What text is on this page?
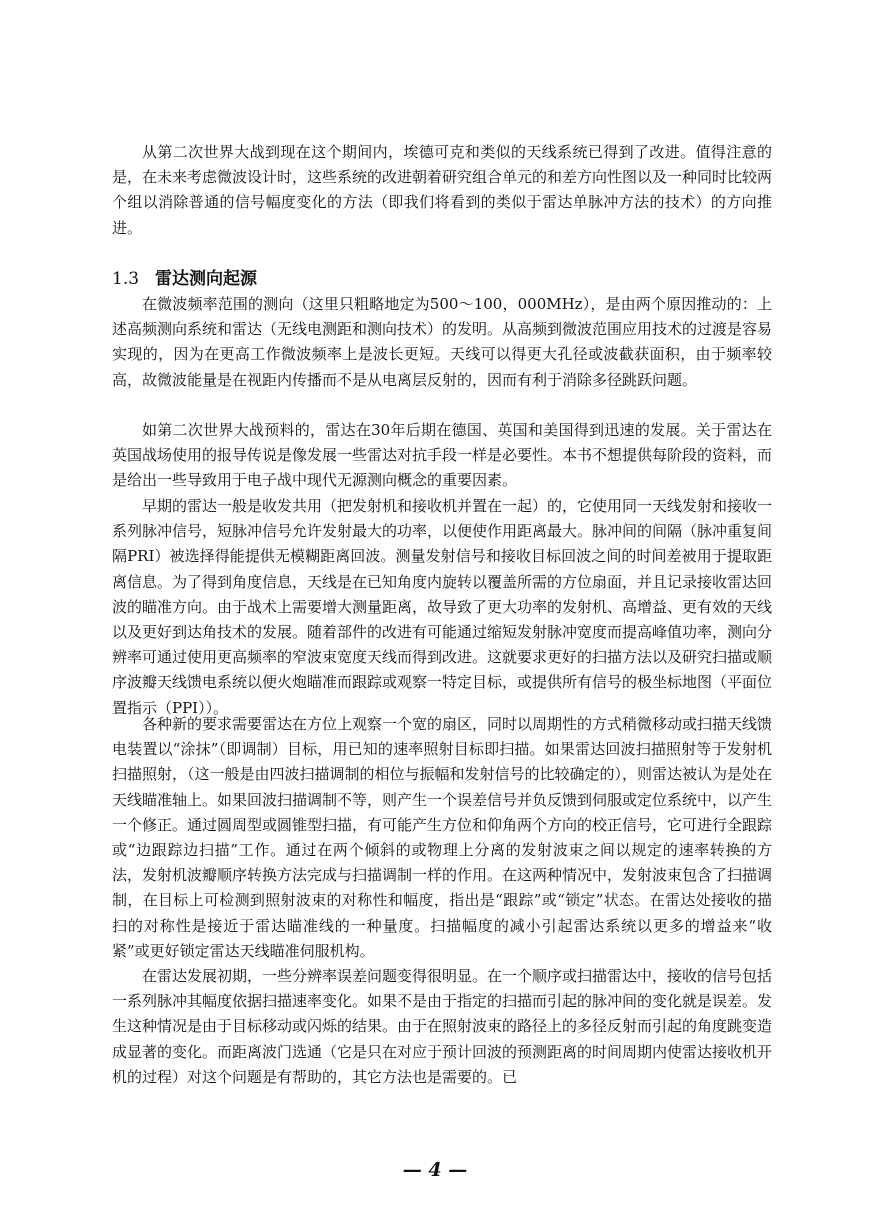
从第二次世界大战到现在这个期间内，埃德可克和类似的天线系统已得到了改进。值得注意的是，在未来考虑微波设计时，这些系统的改进朝着研究组合单元的和差方向性图以及一种同时比较两个组以消除普通的信号幅度变化的方法（即我们将看到的类似于雷达单脉冲方法的技术）的方向推进。

1.3 雷达测向起源

在微波频率范围的测向（这里只粗略地定为500～100，000MHz），是由两个原因推动的：上述高频测向系统和雷达（无线电测距和测向技术）的发明。从高频到微波范围应用技术的过渡是容易实现的，因为在更高工作微波频率上是波长更短。天线可以得更大孔径或波截获面积，由于频率较高，故微波能量是在视距内传播而不是从电离层反射的，因而有利于消除多径跳跃问题。

如第二次世界大战预料的，雷达在30年后期在德国、英国和美国得到迅速的发展。关于雷达在英国战场使用的报导传说是像发展一些雷达对抗手段一样是必要性。本书不想提供每阶段的资料，而是给出一些导致用于电子战中现代无源测向概念的重要因素。

早期的雷达一般是收发共用（把发射机和接收机并置在一起）的，它使用同一天线发射和接收一系列脉冲信号，短脉冲信号允许发射最大的功率，以便使作用距离最大。脉冲间的间隔（脉冲重复间隔PRI）被选择得能提供无模糊距离回波。测量发射信号和接收目标回波之间的时间差被用于提取距离信息。为了得到角度信息，天线是在已知角度内旋转以覆盖所需的方位扇面，并且记录接收雷达回波的瞄准方向。由于战术上需要增大测量距离，故导致了更大功率的发射机、高增益、更有效的天线以及更好到达角技术的发展。随着部件的改进有可能通过缩短发射脉冲宽度而提高峰值功率，测向分辨率可通过使用更高频率的窄波束宽度天线而得到改进。这就要求更好的扫描方法以及研究扫描或顺序波瓣天线馈电系统以便火炮瞄准而跟踪或观察一特定目标，或提供所有信号的极坐标地图（平面位置指示（PPI））。

各种新的要求需要雷达在方位上观察一个宽的扇区，同时以周期性的方式稍微移动或扫描天线馈电装置以“涂抹”（即调制）目标，用已知的速率照射目标即扫描。如果雷达回波扫描照射等于发射机扫描照射，（这一般是由四波扫描调制的相位与振幅和发射信号的比较确定的），则雷达被认为是处在天线瞄准轴上。如果回波扫描调制不等，则产生一个误差信号并负反馈到伺服或定位系统中，以产生一个修正。通过圆周型或圆锥型扫描，有可能产生方位和仰角两个方向的校正信号，它可进行全跟踪或“边跟踪边扫描”工作。通过在两个倾斜的或物理上分离的发射波束之间以规定的速率转换的方法，发射机波瓣顺序转换方法完成与扫描调制一样的作用。在这两种情况中，发射波束包含了扫描调制，在目标上可检测到照射波束的对称性和幅度，指出是“跟踪”或“锁定”状态。在雷达处接收的描扫的对称性是接近于雷达瞄准线的一种量度。扫描幅度的减小引起雷达系统以更多的增益来“收紧”或更好锁定雷达天线瞄准伺服机构。

在雷达发展初期，一些分辨率误差问题变得很明显。在一个顺序或扫描雷达中，接收的信号包括一系列脉冲其幅度依据扫描速率变化。如果不是由于指定的扫描而引起的脉冲间的变化就是误差。发生这种情况是由于目标移动或闪烁的结果。由于在照射波束的路径上的多径反射而引起的角度跳变造成显著的变化。而距离波门选通（它是只在对应于预计回波的预测距离的时间周期内使雷达接收机开机的过程）对这个问题是有帮助的，其它方法也是需要的。已

— 4 —
